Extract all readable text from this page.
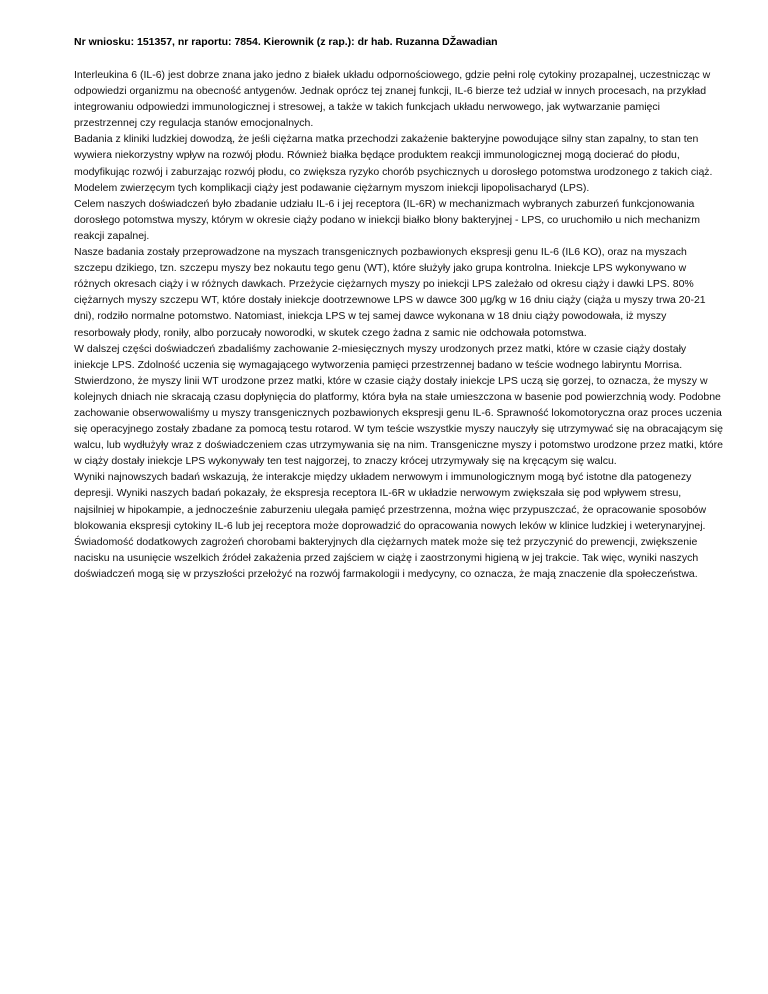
Nr wniosku: 151357, nr raportu: 7854. Kierownik (z rap.): dr hab. Ruzanna DŽawadian

Interleukina 6 (IL-6) jest dobrze znana jako jedno z białek układu odpornościowego, gdzie pełni rolę cytokiny prozapalnej, uczestnicząc w odpowiedzi organizmu na obecność antygenów. Jednak oprócz tej znanej funkcji, IL-6 bierze też udział w innych procesach, na przykład integrowaniu odpowiedzi immunologicznej i stresowej, a także w takich funkcjach układu nerwowego, jak wytwarzanie pamięci przestrzennej czy regulacja stanów emocjonalnych.

Badania z kliniki ludzkiej dowodzą, że jeśli ciężarna matka przechodzi zakażenie bakteryjne powodujące silny stan zapalny, to stan ten wywiera niekorzystny wpływ na rozwój płodu. Również białka będące produktem reakcji immunologicznej mogą docierać do płodu, modyfikując rozwój i zaburzając rozwój płodu, co zwiększa ryzyko chorób psychicznych u dorosłego potomstwa urodzonego z takich ciąż. Modelem zwierzęcym tych komplikacji ciąży jest podawanie ciężarnym myszom iniekcji lipopolisacharyd (LPS).

Celem naszych doświadczeń było zbadanie udziału IL-6 i jej receptora (IL-6R) w mechanizmach wybranych zaburzeń funkcjonowania dorosłego potomstwa myszy, którym w okresie ciąży podano w iniekcji białko błony bakteryjnej - LPS, co uruchomiło u nich mechanizm reakcji zapalnej.

Nasze badania zostały przeprowadzone na myszach transgenicznych pozbawionych ekspresji genu IL-6 (IL6 KO), oraz na myszach szczepu dzikiego, tzn. szczepu myszy bez nokautu tego genu (WT), które służyły jako grupa kontrolna. Iniekcje LPS wykonywano w różnych okresach ciąży i w różnych dawkach. Przeżycie ciężarnych myszy po iniekcji LPS zależało od okresu ciąży i dawki LPS. 80% ciężarnych myszy szczepu WT, które dostały iniekcje dootrzewnowe LPS w dawce 300 µg/kg w 16 dniu ciąży (ciąża u myszy trwa 20-21 dni), rodziło normalne potomstwo. Natomiast, iniekcja LPS w tej samej dawce wykonana w 18 dniu ciąży powodowała, iż myszy resorbowały płody, roniły, albo porzucały noworodki, w skutek czego żadna z samic nie odchowała potomstwa.

W dalszej części doświadczeń zbadaliśmy zachowanie 2-miesięcznych myszy urodzonych przez matki, które w czasie ciąży dostały iniekcje LPS. Zdolność uczenia się wymagającego wytworzenia pamięci przestrzennej badano w teście wodnego labiryntu Morrisa. Stwierdzono, że myszy linii WT urodzone przez matki, które w czasie ciąży dostały iniekcje LPS uczą się gorzej, to oznacza, że myszy w kolejnych dniach nie skracają czasu dopłynięcia do platformy, która była na stałe umieszczona w basenie pod powierzchnią wody. Podobne zachowanie obserwowaliśmy u myszy transgenicznych pozbawionych ekspresji genu IL-6. Sprawność lokomotoryczna oraz proces uczenia się operacyjnego zostały zbadane za pomocą testu rotarod. W tym teście wszystkie myszy nauczyły się utrzymywać się na obracającym się walcu, lub wydłużyły wraz z doświadczeniem czas utrzymywania się na nim. Transgeniczne myszy i potomstwo urodzone przez matki, które w ciąży dostały iniekcje LPS wykonywały ten test najgorzej, to znaczy krócej utrzymywały się na kręcącym się walcu.

Wyniki najnowszych badań wskazują, że interakcje między układem nerwowym i immunologicznym mogą być istotne dla patogenezy depresji. Wyniki naszych badań pokazały, że ekspresja receptora IL-6R w układzie nerwowym zwiększała się pod wpływem stresu, najsilniej w hipokampie, a jednocześnie zaburzeniu ulegała pamięć przestrzenna, można więc przypuszczać, że opracowanie sposobów blokowania ekspresji cytokiny IL-6 lub jej receptora może doprowadzić do opracowania nowych leków w klinice ludzkiej i weterynaryjnej. Świadomość dodatkowych zagrożeń chorobami bakteryjnych dla ciężarnych matek może się też przyczynić do prewencji, zwiększenie nacisku na usunięcie wszelkich źródeł zakażenia przed zajściem w ciążę i zaostrzonymi higieną w jej trakcie. Tak więc, wyniki naszych doświadczeń mogą się w przyszłości przełożyć na rozwój farmakologii i medycyny, co oznacza, że mają znaczenie dla społeczeństwa.
